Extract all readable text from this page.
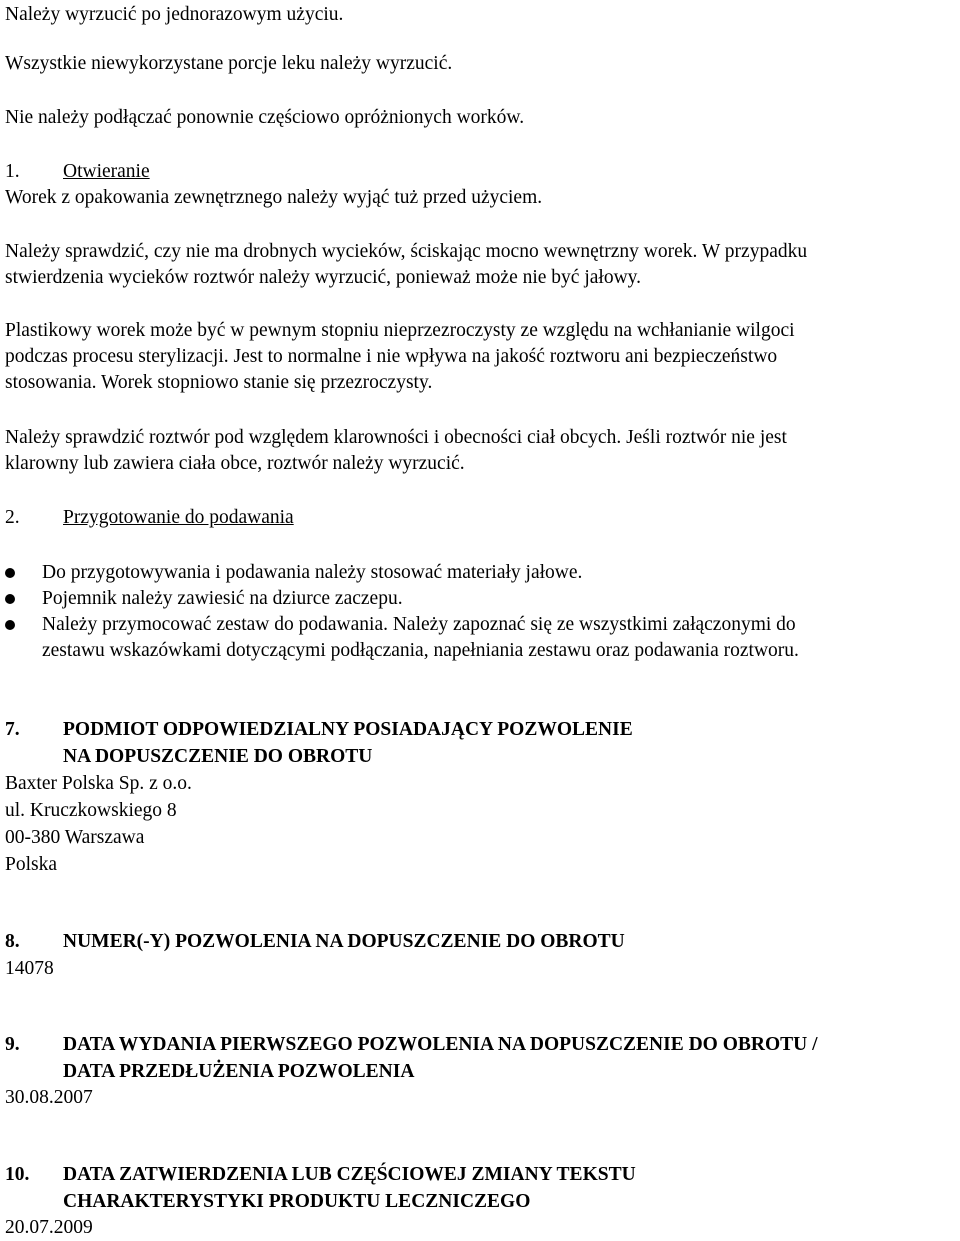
Należy wyrzucić po jednorazowym użyciu.
Wszystkie niewykorzystane porcje leku należy wyrzucić.
Nie należy podłączać ponownie częściowo opróżnionych worków.
1. Otwieranie
Worek z opakowania zewnętrznego należy wyjąć tuż przed użyciem.
Należy sprawdzić, czy nie ma drobnych wycieków, ściskając mocno wewnętrzny worek. W przypadku
stwierdzenia wycieków roztwór należy wyrzucić, ponieważ może nie być jałowy.
Plastikowy worek może być w pewnym stopniu nieprzezroczysty ze względu na wchłanianie wilgoci
podczas procesu sterylizacji. Jest to normalne i nie wpływa na jakość roztworu ani bezpieczeństwo
stosowania. Worek stopniowo stanie się przezroczysty.
Należy sprawdzić roztwór pod względem klarowności i obecności ciał obcych. Jeśli roztwór nie jest
klarowny lub zawiera ciała obce, roztwór należy wyrzucić.
2. Przygotowanie do podawania
Do przygotowywania i podawania należy stosować materiały jałowe.
Pojemnik należy zawiesić na dziurce zaczepu.
Należy przymocować zestaw do podawania. Należy zapoznać się ze wszystkimi załączonymi do
zestawu wskazówkami dotyczącymi podłączania, napełniania zestawu oraz podawania roztworu.
7. PODMIOT ODPOWIEDZIALNY POSIADAJĄCY POZWOLENIE
NA DOPUSZCZENIE DO OBROTU
Baxter Polska Sp. z o.o.
ul. Kruczkowskiego 8
00-380 Warszawa
Polska
8. NUMER(-Y) POZWOLENIA NA DOPUSZCZENIE DO OBROTU
14078
9. DATA WYDANIA PIERWSZEGO POZWOLENIA NA DOPUSZCZENIE DO OBROTU /
DATA PRZEDŁUŻENIA POZWOLENIA
30.08.2007
10. DATA ZATWIERDZENIA LUB CZĘŚCIOWEJ ZMIANY TEKSTU
CHARAKTERYSTYKI PRODUKTU LECZNICZEGO
20.07.2009
